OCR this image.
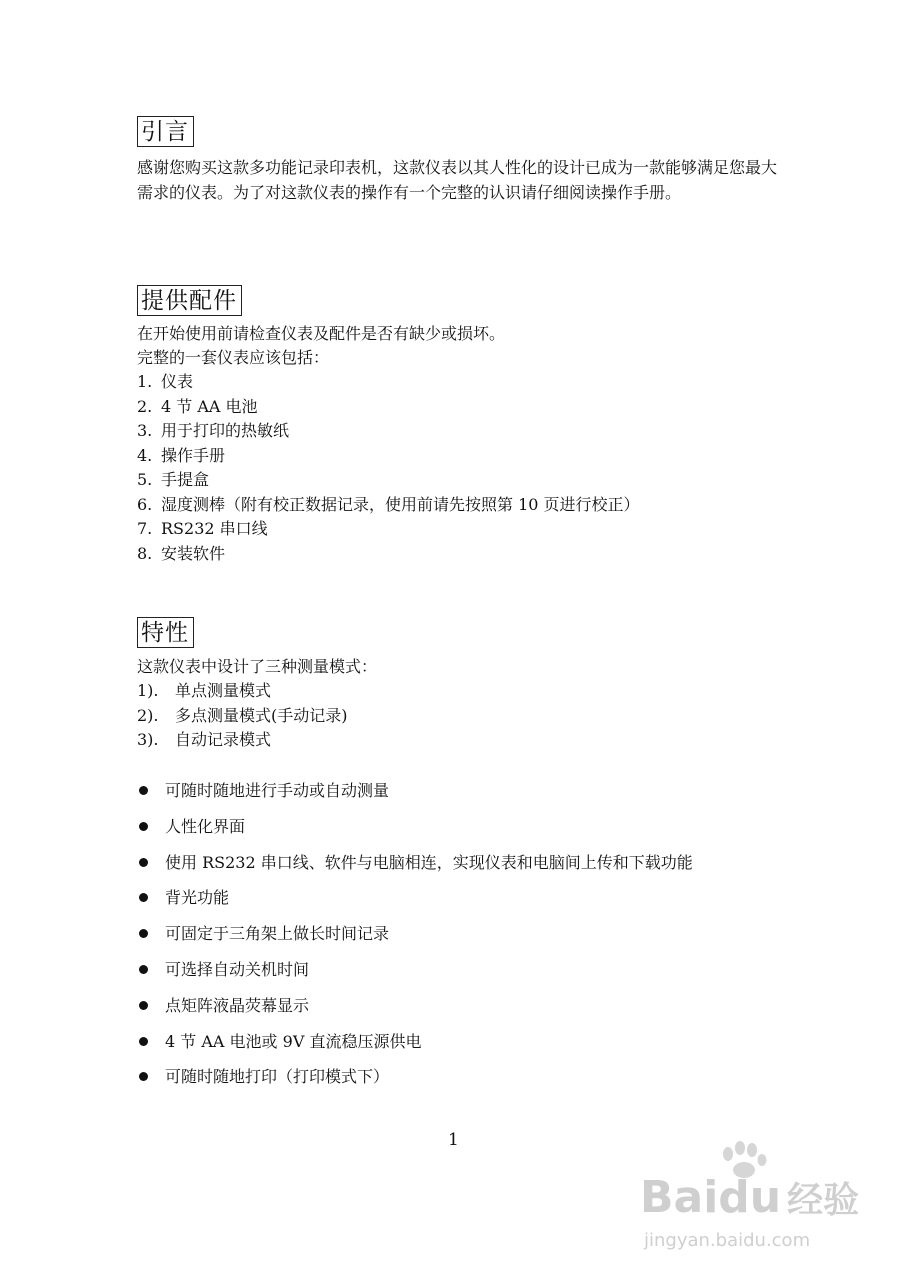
引言
感谢您购买这款多功能记录印表机，这款仪表以其人性化的设计已成为一款能够满足您最大需求的仪表。为了对这款仪表的操作有一个完整的认识请仔细阅读操作手册。
提供配件
在开始使用前请检查仪表及配件是否有缺少或损坏。
完整的一套仪表应该包括：
1. 仪表
2. 4 节 AA 电池
3. 用于打印的热敏纸
4. 操作手册
5. 手提盒
6. 湿度测棒（附有校正数据记录，使用前请先按照第 10 页进行校正）
7. RS232 串口线
8. 安装软件
特性
这款仪表中设计了三种测量模式：
1). 单点测量模式
2). 多点测量模式(手动记录)
3). 自动记录模式
可随时随地进行手动或自动测量
人性化界面
使用 RS232 串口线、软件与电脑相连，实现仪表和电脑间上传和下载功能
背光功能
可固定于三角架上做长时间记录
可选择自动关机时间
点矩阵液晶荧幕显示
4 节 AA 电池或 9V 直流稳压源供电
可随时随地打印（打印模式下）
1
Baidu 经验
jingyan.baidu.com
